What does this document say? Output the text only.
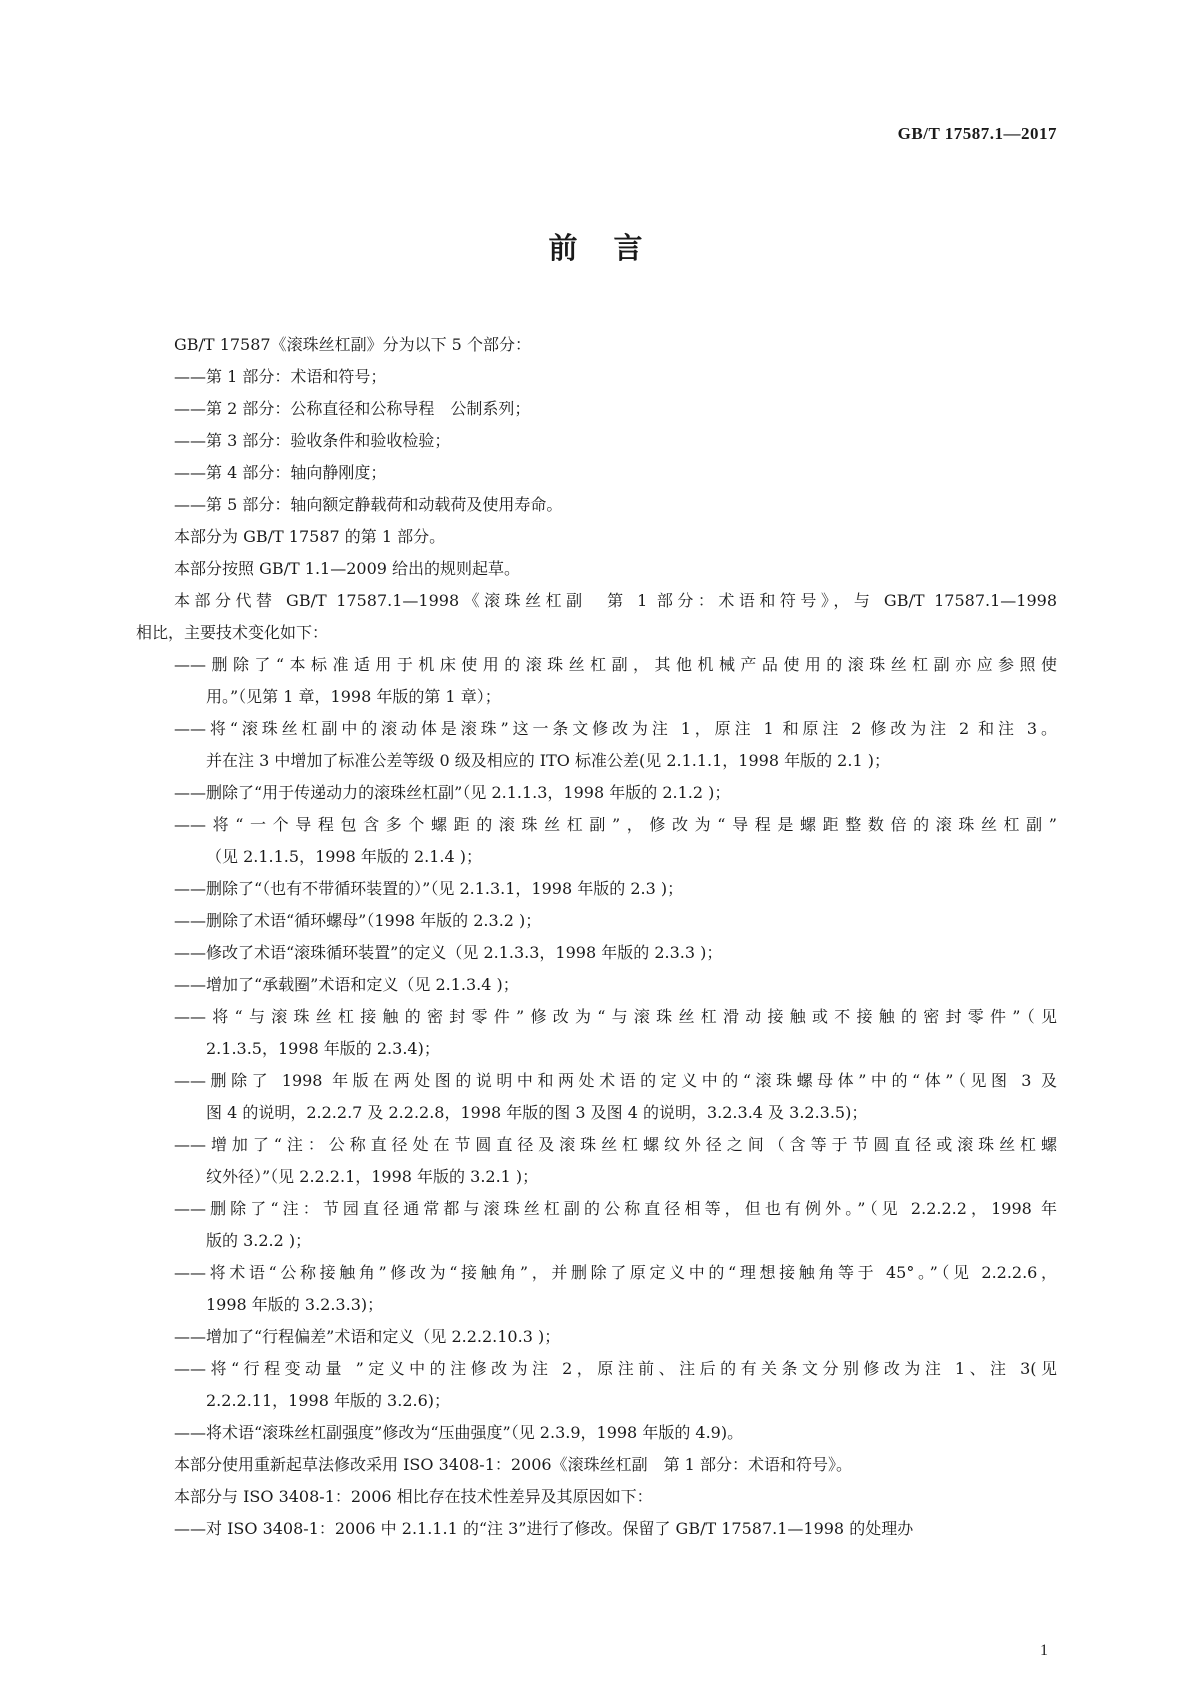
GB/T 17587.1—2017
前言

GB/T 17587《滚珠丝杠副》分为以下 5 个部分：

——第 1 部分：术语和符号；

——第 2 部分：公称直径和公称导程　公制系列；

——第 3 部分：验收条件和验收检验；

——第 4 部分：轴向静刚度；

——第 5 部分：轴向额定静载荷和动载荷及使用寿命。

本部分为 GB/T 17587 的第 1 部分。

本部分按照 GB/T 1.1—2009 给出的规则起草。

本部分代替 GB/T 17587.1—1998《滚珠丝杠副　第 1 部分：术语和符号》，与 GB/T 17587.1—1998

相比，主要技术变化如下：

——删除了“本标准适用于机床使用的滚珠丝杠副，其他机械产品使用的滚珠丝杠副亦应参照使

用。”（见第 1 章，1998 年版的第 1 章）；

——将“滚珠丝杠副中的滚动体是滚珠”这一条文修改为注 1，原注 1 和原注 2 修改为注 2 和注 3。

并在注 3 中增加了标准公差等级 0 级及相应的 ITO 标准公差(见 2.1.1.1，1998 年版的 2.1 )；

——删除了“用于传递动力的滚珠丝杠副”（见 2.1.1.3，1998 年版的 2.1.2 )；

——将“一个导程包含多个螺距的滚珠丝杠副”，修改为“导程是螺距整数倍的滚珠丝杠副”

（见 2.1.1.5，1998 年版的 2.1.4 )；

——删除了“（也有不带循环装置的）”（见 2.1.3.1，1998 年版的 2.3 )；

——删除了术语“循环螺母”（1998 年版的 2.3.2 )；

——修改了术语“滚珠循环装置”的定义（见 2.1.3.3，1998 年版的 2.3.3 )；

——增加了“承载圈”术语和定义（见 2.1.3.4 )；

——将“与滚珠丝杠接触的密封零件”修改为“与滚珠丝杠滑动接触或不接触的密封零件”（见

2.1.3.5，1998 年版的 2.3.4)；

——删除了 1998 年版在两处图的说明中和两处术语的定义中的“滚珠螺母体”中的“体”（见图 3 及

图 4 的说明，2.2.2.7 及 2.2.2.8，1998 年版的图 3 及图 4 的说明，3.2.3.4 及 3.2.3.5)；

——增加了“注：公称直径处在节圆直径及滚珠丝杠螺纹外径之间（含等于节圆直径或滚珠丝杠螺

纹外径）”（见 2.2.2.1，1998 年版的 3.2.1 )；

——删除了“注：节园直径通常都与滚珠丝杠副的公称直径相等，但也有例外。”（见 2.2.2.2，1998 年

版的 3.2.2 )；

——将术语“公称接触角”修改为“接触角”，并删除了原定义中的“理想接触角等于 45°。”（见 2.2.2.6，

1998 年版的 3.2.3.3)；

——增加了“行程偏差”术语和定义（见 2.2.2.10.3 )；

——将“行程变动量 ”定义中的注修改为注 2，原注前、注后的有关条文分别修改为注 1、注 3(见

2.2.2.11，1998 年版的 3.2.6)；

——将术语“滚珠丝杠副强度”修改为“压曲强度”（见 2.3.9，1998 年版的 4.9)。

本部分使用重新起草法修改采用 ISO 3408-1：2006《滚珠丝杠副　第 1 部分：术语和符号》。

本部分与 ISO 3408-1：2006 相比存在技术性差异及其原因如下：

——对 ISO 3408-1：2006 中 2.1.1.1 的“注 3”进行了修改。保留了 GB/T 17587.1—1998 的处理办

1
